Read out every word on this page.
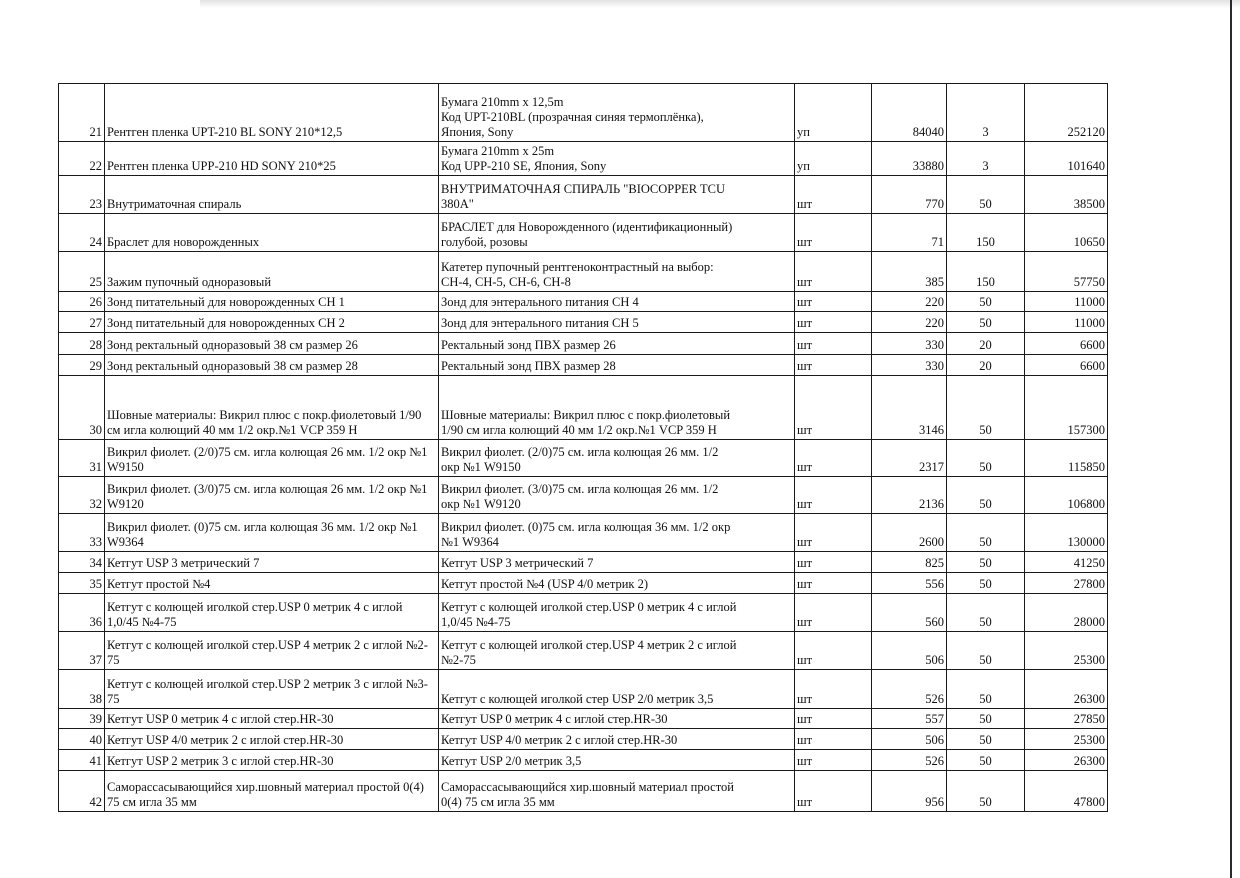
21	Рентген пленка UPT-210 BL SONY 210*12,5	Бумага 210mm x 12,5m
Код UPT-210BL (прозрачная синяя термоплёнка),
Япония, Sony	уп	84040	3	252120
22	Рентген пленка UPP-210 HD SONY 210*25	Бумага 210mm x 25m
Код UPP-210 SE, Япония, Sony	уп	33880	3	101640
23	Внутриматочная спираль	ВНУТРИМАТОЧНАЯ СПИРАЛЬ "BIOCOPPER TCU
380A"	шт	770	50	38500
24	Браслет для новорожденных	БРАСЛЕТ для Новорожденного (идентификационный)
голубой, розовы	шт	71	150	10650
25	Зажим пупочный одноразовый	Катетер пупочный рентгеноконтрастный на выбор:
CH-4, CH-5, CH-6, CH-8	шт	385	150	57750
26	Зонд питательный для новорожденных CH 1	Зонд для энтерального питания CH 4	шт	220	50	11000
27	Зонд питательный для новорожденных CH 2	Зонд для энтерального питания CH 5	шт	220	50	11000
28	Зонд ректальный одноразовый 38 см размер 26	Ректальный зонд ПВХ размер 26	шт	330	20	6600
29	Зонд ректальный одноразовый 38 см размер 28	Ректальный зонд ПВХ размер 28	шт	330	20	6600
30	Шовные материалы: Викрил плюс с покр.фиолетовый 1/90 см игла колющий 40 мм 1/2 окр.№1 VCP 359 H	Шовные материалы: Викрил плюс с покр.фиолетовый
1/90 см игла колющий 40 мм 1/2 окр.№1 VCP 359 H	шт	3146	50	157300
31	Викрил фиолет. (2/0)75 см. игла колющая 26 мм. 1/2 окр №1 W9150	Викрил фиолет. (2/0)75 см. игла колющая 26 мм. 1/2
окр №1 W9150	шт	2317	50	115850
32	Викрил фиолет. (3/0)75 см. игла колющая 26 мм. 1/2 окр №1 W9120	Викрил фиолет. (3/0)75 см. игла колющая 26 мм. 1/2
окр №1 W9120	шт	2136	50	106800
33	Викрил фиолет. (0)75 см. игла колющая 36 мм. 1/2 окр №1 W9364	Викрил фиолет. (0)75 см. игла колющая 36 мм. 1/2 окр
№1 W9364	шт	2600	50	130000
34	Кетгут USP 3 метрический 7	Кетгут USP 3 метрический 7	шт	825	50	41250
35	Кетгут простой №4	Кетгут простой №4 (USP 4/0 метрик 2)	шт	556	50	27800
36	Кетгут с колющей иголкой стер.USP 0 метрик 4 с иглой 1,0/45 №4-75	Кетгут с колющей иголкой стер.USP 0 метрик 4 с иглой
1,0/45 №4-75	шт	560	50	28000
37	Кетгут с колющей иголкой стер.USP 4 метрик 2 с иглой №2-75	Кетгут с колющей иголкой стер.USP 4 метрик 2 с иглой
№2-75	шт	506	50	25300
38	Кетгут с колющей иголкой стер.USP 2 метрик 3 с иглой №3-75	Кетгут с колющей иголкой стер USP 2/0 метрик 3,5	шт	526	50	26300
39	Кетгут USP 0 метрик 4 с иглой стер.HR-30	Кетгут USP 0 метрик 4 с иглой стер.HR-30	шт	557	50	27850
40	Кетгут USP 4/0 метрик 2 с иглой стер.HR-30	Кетгут USP 4/0 метрик 2 с иглой стер.HR-30	шт	506	50	25300
41	Кетгут USP 2 метрик 3 с иглой стер.HR-30	Кетгут USP 2/0 метрик 3,5	шт	526	50	26300
42	Саморассасывающийся хир.шовный материал простой 0(4) 75 см игла 35 мм	Саморассасывающийся хир.шовный материал простой
0(4) 75 см игла 35 мм	шт	956	50	47800
